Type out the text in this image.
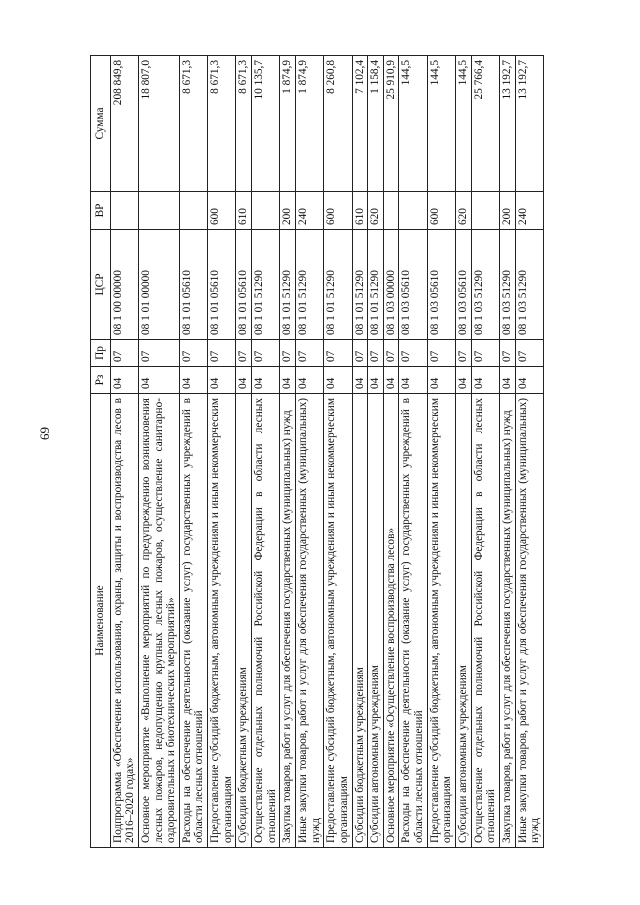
69
Наименование	Рз	Пр	ЦСР	ВР	Сумма
Подпрограмма «Обеспечение использования, охраны, защиты и воспроизводства лесов в 2016–2020 годах»	04	07	08 1 00 00000		208 849,8
Основное мероприятие «Выполнение мероприятий по предупреждению возникновения лесных пожаров, недопущению крупных лесных пожаров, осуществление санитарно-оздоровительных и биотехнических мероприятий»	04	07	08 1 01 00000		18 807,0
Расходы на обеспечение деятельности (оказание услуг) государственных учреждений в области лесных отношений	04	07	08 1 01 05610		8 671,3
Предоставление субсидий бюджетным, автономным учреждениям и иным некоммерческим организациям	04	07	08 1 01 05610	600	8 671,3
Субсидии бюджетным учреждениям	04	07	08 1 01 05610	610	8 671,3
Осуществление отдельных полномочий Российской Федерации в области лесных отношений	04	07	08 1 01 51290		10 135,7
Закупка товаров, работ и услуг для обеспечения государственных (муниципальных) нужд	04	07	08 1 01 51290	200	1 874,9
Иные закупки товаров, работ и услуг для обеспечения государственных (муниципальных) нужд	04	07	08 1 01 51290	240	1 874,9
Предоставление субсидий бюджетным, автономным учреждениям и иным некоммерческим организациям	04	07	08 1 01 51290	600	8 260,8
Субсидии бюджетным учреждениям	04	07	08 1 01 51290	610	7 102,4
Субсидии автономным учреждениям	04	07	08 1 01 51290	620	1 158,4
Основное мероприятие «Осуществление воспроизводства лесов»	04	07	08 1 03 00000		25 910,9
Расходы на обеспечение деятельности (оказание услуг) государственных учреждений в области лесных отношений	04	07	08 1 03 05610		144,5
Предоставление субсидий бюджетным, автономным учреждениям и иным некоммерческим организациям	04	07	08 1 03 05610	600	144,5
Субсидии автономным учреждениям	04	07	08 1 03 05610	620	144,5
Осуществление отдельных полномочий Российской Федерации в области лесных отношений	04	07	08 1 03 51290		25 766,4
Закупка товаров, работ и услуг для обеспечения государственных (муниципальных) нужд	04	07	08 1 03 51290	200	13 192,7
Иные закупки товаров, работ и услуг для обеспечения государственных (муниципальных) нужд	04	07	08 1 03 51290	240	13 192,7
